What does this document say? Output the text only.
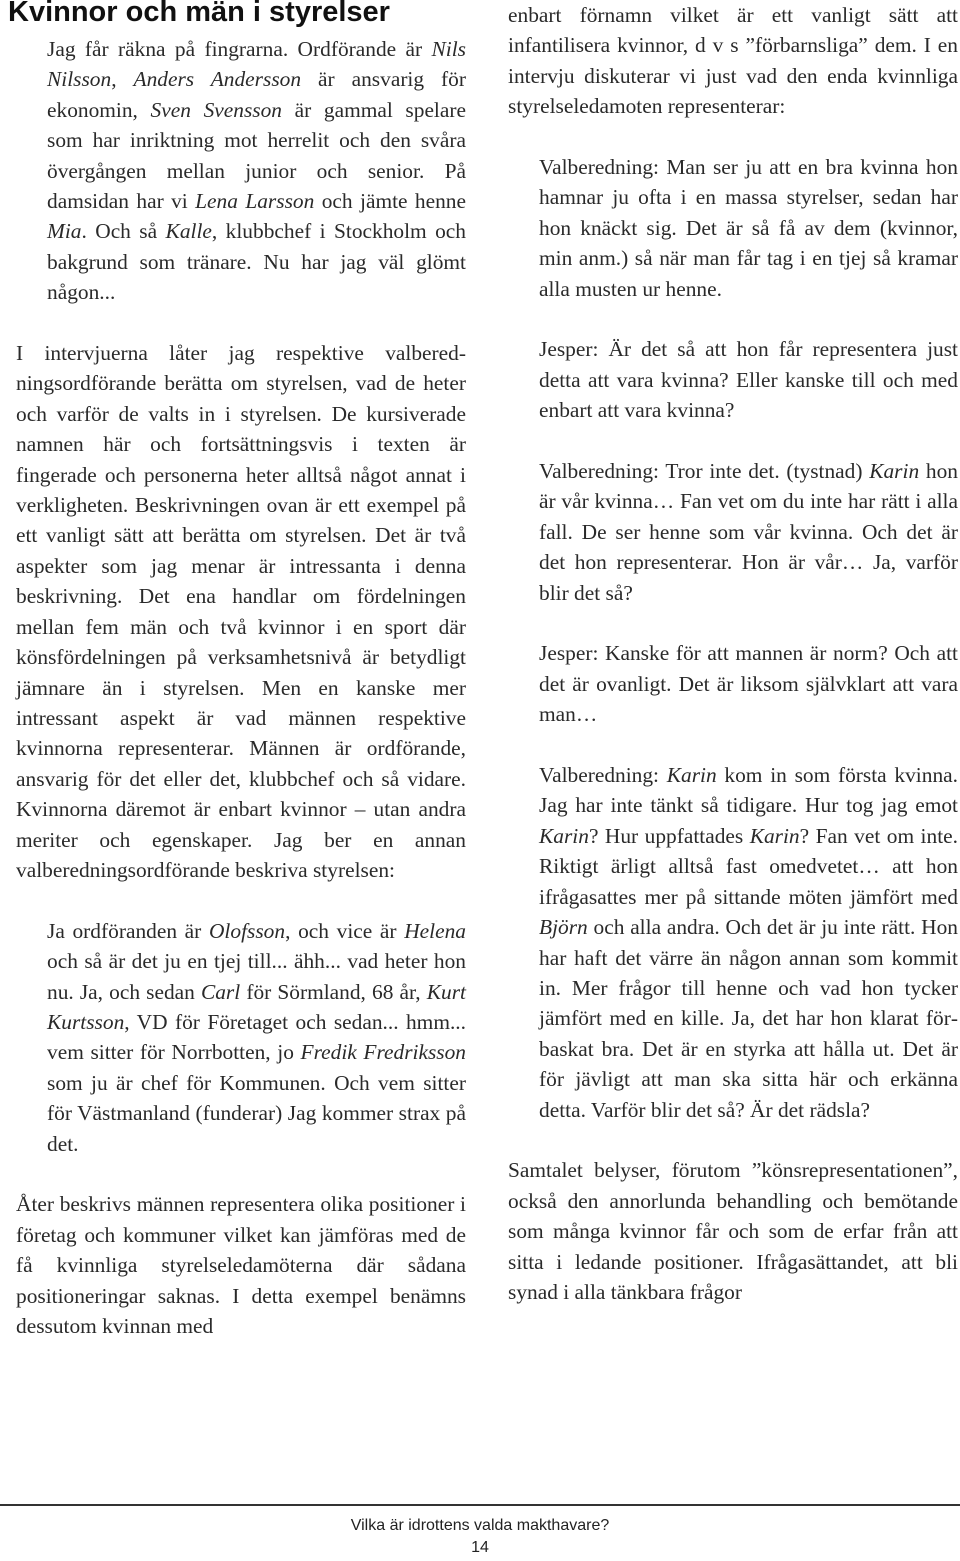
Kvinnor och män i styrelser

Jag får räkna på fingrarna. Ordförande är Nils Nilsson, Anders Andersson är ansvarig för ekonomin, Sven Svensson är gammal spelare som har inriktning mot herrelit och den svåra övergången mellan junior och senior. På damsidan har vi Lena Larsson och jämte henne Mia. Och så Kalle, klubbchef i Stockholm och bakgrund som tränare. Nu har jag väl glömt någon...

I intervjuerna låter jag respektive valberedningsordförande berätta om styrelsen, vad de heter och varför de valts in i styrelsen. De kursiverade namnen här och fortsättningsvis i texten är fingerade och personerna heter alltså något annat i verkligheten. Beskrivningen ovan är ett exempel på ett vanligt sätt att berätta om styrelsen. Det är två aspekter som jag menar är intressanta i denna beskrivning. Det ena handlar om fördelningen mellan fem män och två kvinnor i en sport där könsfördelningen på verksamhetsnivå är betydligt jämnare än i styrelsen. Men en kanske mer intressant aspekt är vad männen respektive kvinnorna representerar. Männen är ordförande, ansvarig för det eller det, klubbchef och så vidare. Kvinnorna däremot är enbart kvinnor – utan andra meriter och egenskaper. Jag ber en annan valberedningsordförande beskriva styrelsen:

Ja ordföranden är Olofsson, och vice är Helena och så är det ju en tjej till... ähh... vad heter hon nu. Ja, och sedan Carl för Sörmland, 68 år, Kurt Kurtsson, VD för Företaget och sedan... hmm... vem sitter för Norrbotten, jo Fredik Fredriksson som ju är chef för Kommunen. Och vem sitter för Västmanland (funderar) Jag kommer strax på det.

Åter beskrivs männen representera olika positioner i företag och kommuner vilket kan jämföras med de få kvinnliga styrelseledamöterna där sådana positioneringar saknas. I detta exempel benämns dessutom kvinnan med

enbart förnamn vilket är ett vanligt sätt att infantilisera kvinnor, d v s ”förbarnsliga” dem. I en intervju diskuterar vi just vad den enda kvinnliga styrelseledamoten representerar:

Valberedning: Man ser ju att en bra kvinna hon hamnar ju ofta i en massa styrelser, sedan har hon knäckt sig. Det är så få av dem (kvinnor, min anm.) så när man får tag i en tjej så kramar alla musten ur henne.

Jesper: Är det så att hon får representera just detta att vara kvinna? Eller kanske till och med enbart att vara kvinna?

Valberedning: Tror inte det. (tystnad) Karin hon är vår kvinna… Fan vet om du inte har rätt i alla fall. De ser henne som vår kvinna. Och det är det hon representerar. Hon är vår… Ja, varför blir det så?

Jesper: Kanske för att mannen är norm? Och att det är ovanligt. Det är liksom självklart att vara man…

Valberedning: Karin kom in som första kvinna. Jag har inte tänkt så tidigare. Hur tog jag emot Karin? Hur uppfattades Karin? Fan vet om inte. Riktigt ärligt alltså fast omedvetet… att hon ifrågasattes mer på sittande möten jämfört med Björn och alla andra. Och det är ju inte rätt. Hon har haft det värre än någon annan som kommit in. Mer frågor till henne och vad hon tycker jämfört med en kille. Ja, det har hon klarat förbaskat bra. Det är en styrka att hålla ut. Det är för jävligt att man ska sitta här och erkänna detta. Varför blir det så? Är det rädsla?

Samtalet belyser, förutom ”könsrepresentationen”, också den annorlunda behandling och bemötande som många kvinnor får och som de erfar från att sitta i ledande positioner. Ifrågasättandet, att bli synad i alla tänkbara frågor

Vilka är idrottens valda makthavare?
14
